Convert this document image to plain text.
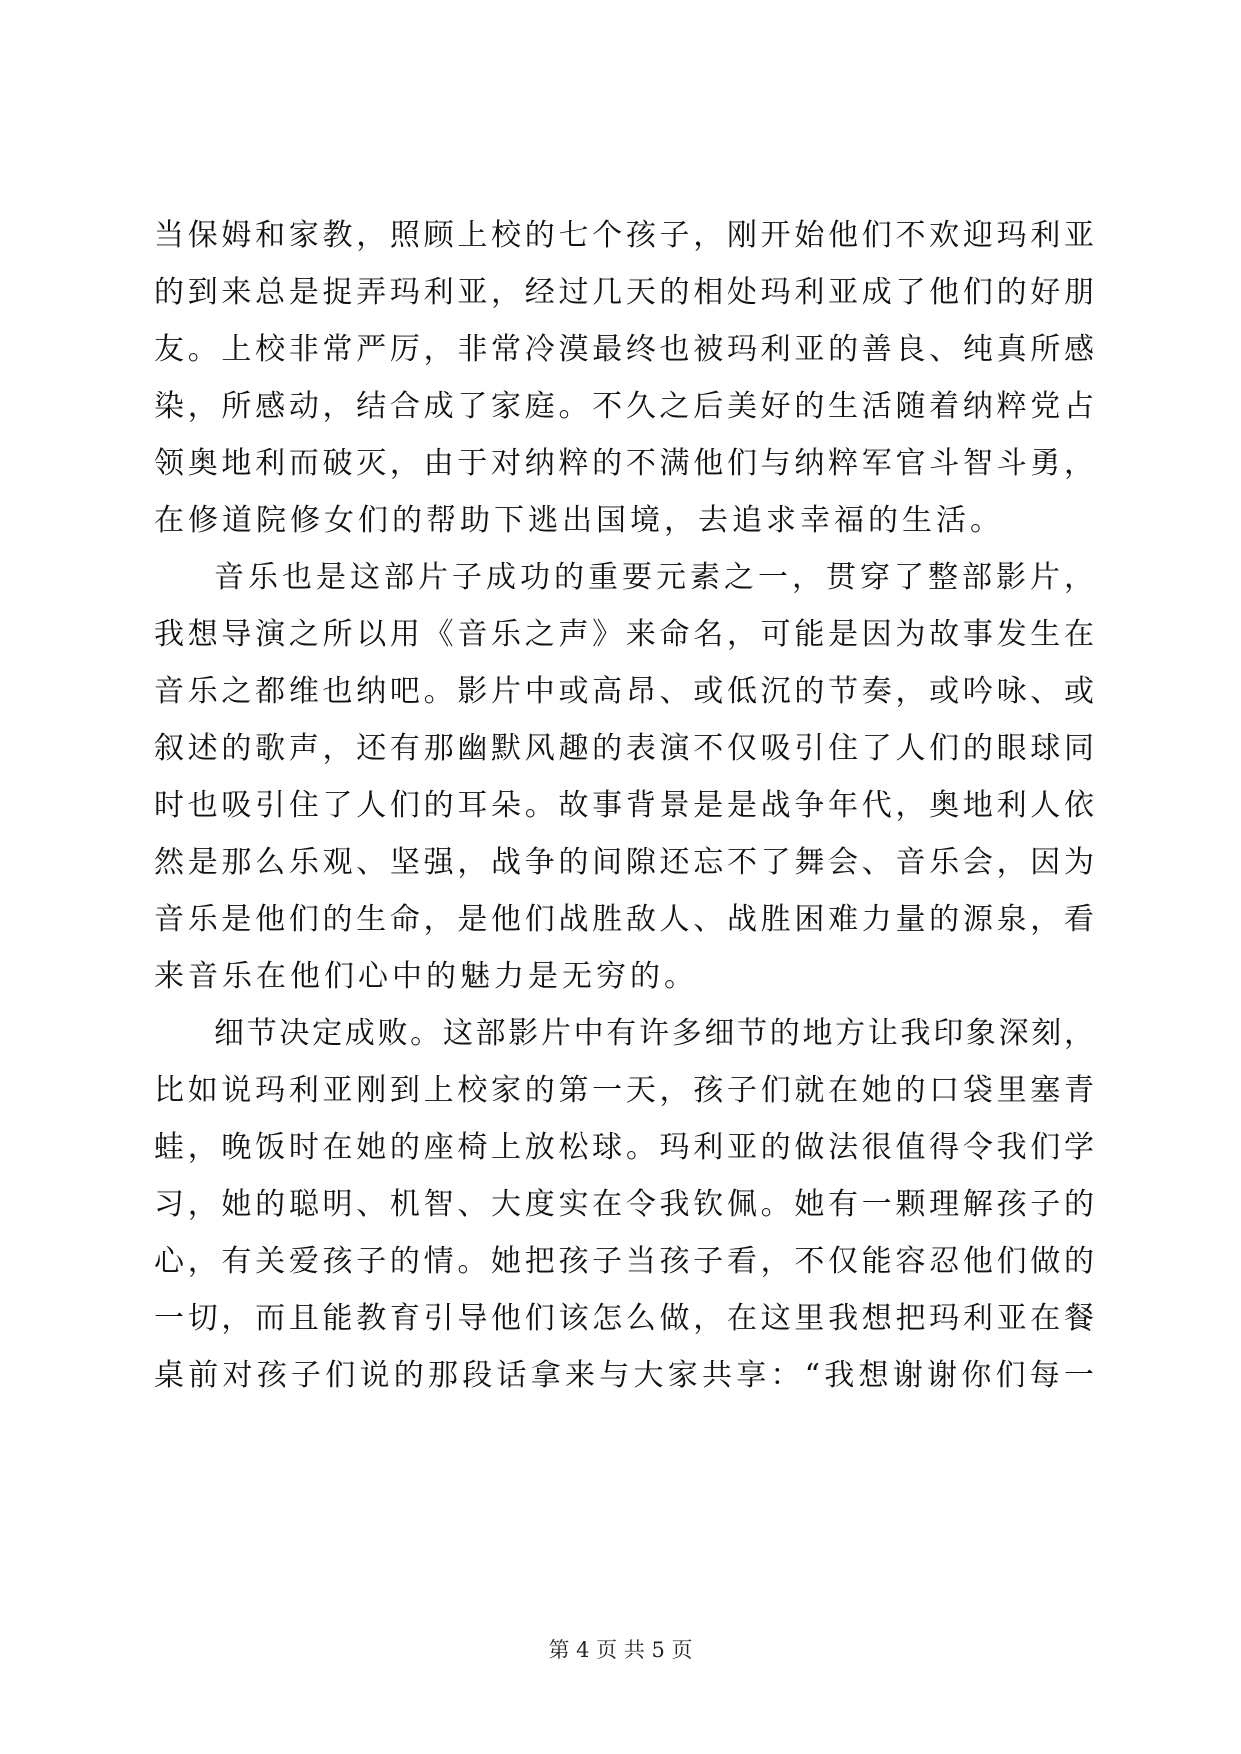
当保姆和家教，照顾上校的七个孩子，刚开始他们不欢迎玛利亚
的到来总是捉弄玛利亚，经过几天的相处玛利亚成了他们的好朋
友。上校非常严厉，非常冷漠最终也被玛利亚的善良、纯真所感
染，所感动，结合成了家庭。不久之后美好的生活随着纳粹党占
领奥地利而破灭，由于对纳粹的不满他们与纳粹军官斗智斗勇，
在修道院修女们的帮助下逃出国境，去追求幸福的生活。
音乐也是这部片子成功的重要元素之一，贯穿了整部影片，
我想导演之所以用《音乐之声》来命名，可能是因为故事发生在
音乐之都维也纳吧。影片中或高昂、或低沉的节奏，或吟咏、或
叙述的歌声，还有那幽默风趣的表演不仅吸引住了人们的眼球同
时也吸引住了人们的耳朵。故事背景是是战争年代，奥地利人依
然是那么乐观、坚强，战争的间隙还忘不了舞会、音乐会，因为
音乐是他们的生命，是他们战胜敌人、战胜困难力量的源泉，看
来音乐在他们心中的魅力是无穷的。
细节决定成败。这部影片中有许多细节的地方让我印象深刻，
比如说玛利亚刚到上校家的第一天，孩子们就在她的口袋里塞青
蛙，晚饭时在她的座椅上放松球。玛利亚的做法很值得令我们学
习，她的聪明、机智、大度实在令我钦佩。她有一颗理解孩子的
心，有关爱孩子的情。她把孩子当孩子看，不仅能容忍他们做的
一切，而且能教育引导他们该怎么做，在这里我想把玛利亚在餐
桌前对孩子们说的那段话拿来与大家共享：“我想谢谢你们每一
第 4 页 共 5 页
